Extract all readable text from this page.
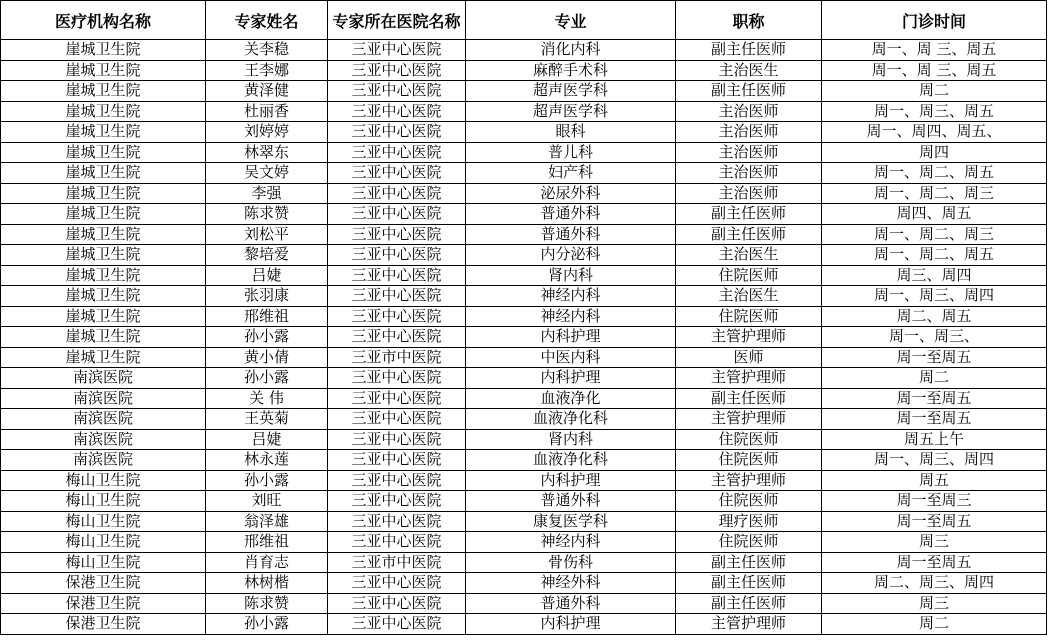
医疗机构名称	专家姓名	专家所在医院名称	专业	职称	门诊时间
崖城卫生院	关李稳	三亚中心医院	消化内科	副主任医师	周一、周 三、周五
崖城卫生院	王李娜	三亚中心医院	麻醉手术科	主治医生	周一、周 三、周五
崖城卫生院	黄泽健	三亚中心医院	超声医学科	副主任医师	周二
崖城卫生院	杜丽香	三亚中心医院	超声医学科	主治医师	周一、周三、周五
崖城卫生院	刘婷婷	三亚中心医院	眼科	主治医师	周一、周四、周五、
崖城卫生院	林翠东	三亚中心医院	普儿科	主治医师	周四
崖城卫生院	吴文婷	三亚中心医院	妇产科	主治医师	周一、周二、周五
崖城卫生院	李强	三亚中心医院	泌尿外科	主治医师	周一、周二、周三
崖城卫生院	陈求赞	三亚中心医院	普通外科	副主任医师	周四、周五
崖城卫生院	刘松平	三亚中心医院	普通外科	副主任医师	周一、周二、周三
崖城卫生院	黎培爱	三亚中心医院	内分泌科	主治医生	周一、周二、周五
崖城卫生院	吕婕	三亚中心医院	肾内科	住院医师	周三、周四
崖城卫生院	张羽康	三亚中心医院	神经内科	主治医生	周一、周三、周四
崖城卫生院	邢维祖	三亚中心医院	神经内科	住院医师	周二、周五
崖城卫生院	孙小露	三亚中心医院	内科护理	主管护理师	周一、周三、
崖城卫生院	黄小倩	三亚市中医院	中医内科	医师	周一至周五
南滨医院	孙小露	三亚中心医院	内科护理	主管护理师	周二
南滨医院	关 伟	三亚中心医院	血液净化	副主任医师	周一至周五
南滨医院	王英菊	三亚中心医院	血液净化科	主管护理师	周一至周五
南滨医院	吕婕	三亚中心医院	肾内科	住院医师	周五上午
南滨医院	林永莲	三亚中心医院	血液净化科	住院医师	周一、周三、周四
梅山卫生院	孙小露	三亚中心医院	内科护理	主管护理师	周五
梅山卫生院	刘旺	三亚中心医院	普通外科	住院医师	周一至周三
梅山卫生院	翁泽雄	三亚中心医院	康复医学科	理疗医师	周一至周五
梅山卫生院	邢维祖	三亚中心医院	神经内科	住院医师	周三
梅山卫生院	肖育志	三亚市中医院	骨伤科	副主任医师	周一至周五
保港卫生院	林树楷	三亚中心医院	神经外科	副主任医师	周二、周三、周四
保港卫生院	陈求赞	三亚中心医院	普通外科	副主任医师	周三
保港卫生院	孙小露	三亚中心医院	内科护理	主管护理师	周二
